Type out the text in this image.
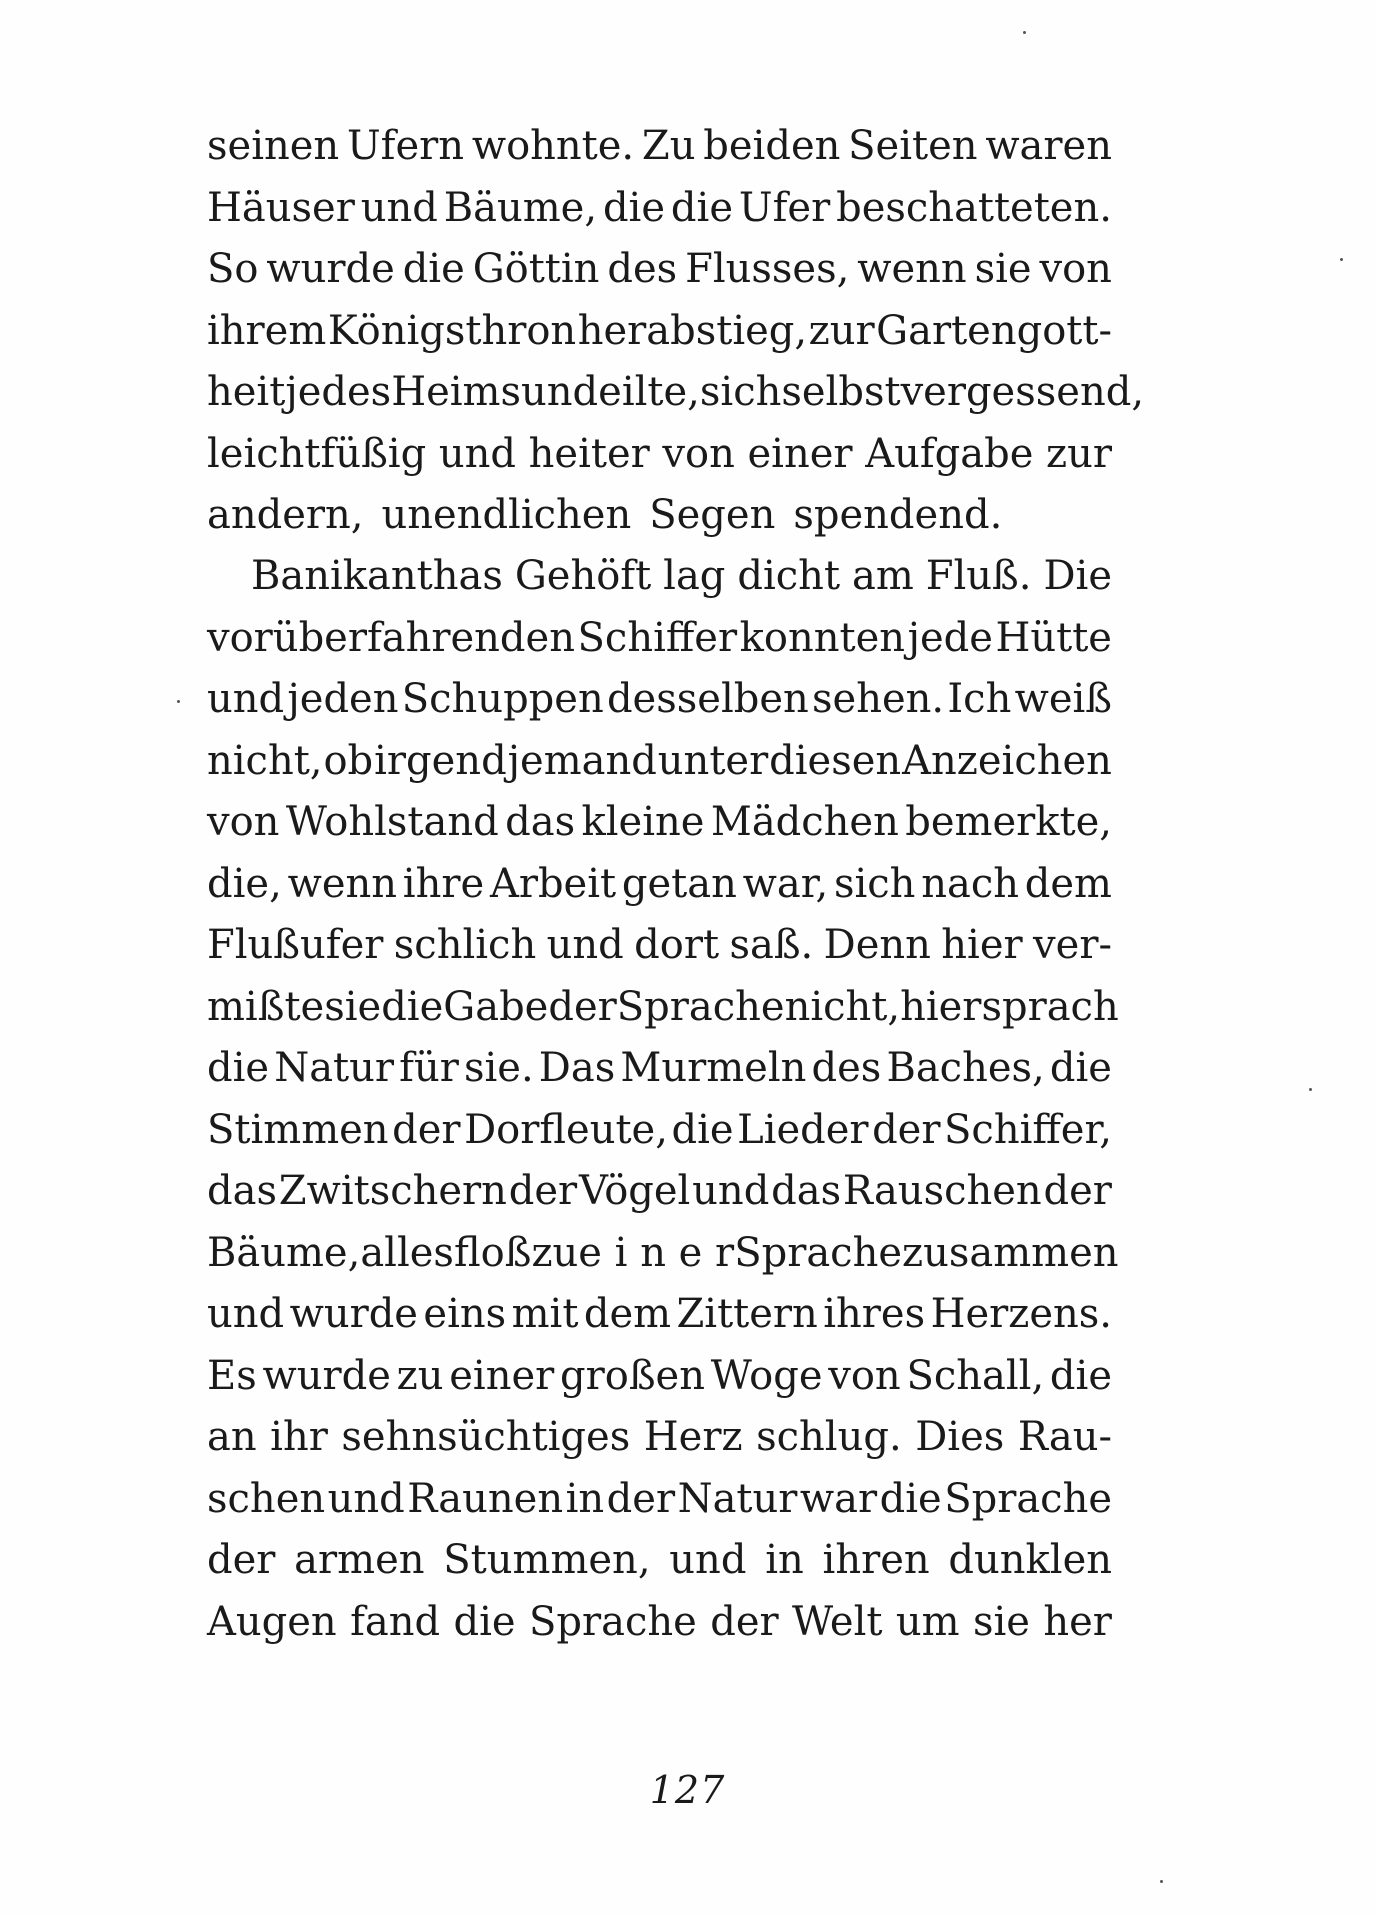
seinen Ufern wohnte. Zu beiden Seiten waren
Häuser und Bäume, die die Ufer beschatteten.
So wurde die Göttin des Flusses, wenn sie von
ihrem Königsthron herabstieg, zur Gartengott-
heit jedes Heims und eilte, sich selbst vergessend,
leichtfüßig und heiter von einer Aufgabe zur
andern, unendlichen Segen spendend.
Banikanthas Gehöft lag dicht am Fluß. Die
vorüberfahrenden Schiffer konnten jede Hütte
und jeden Schuppen desselben sehen. Ich weiß
nicht, ob irgend jemand unter diesen Anzeichen
von Wohlstand das kleine Mädchen bemerkte,
die, wenn ihre Arbeit getan war, sich nach dem
Flußufer schlich und dort saß. Denn hier ver-
mißte sie die Gabe der Sprache nicht, hier sprach
die Natur für sie. Das Murmeln des Baches, die
Stimmen der Dorfleute, die Lieder der Schiffer,
das Zwitschern der Vögel und das Rauschen der
Bäume, alles floß zu e i n e r Sprache zusammen
und wurde eins mit dem Zittern ihres Herzens.
Es wurde zu einer großen Woge von Schall, die
an ihr sehnsüchtiges Herz schlug. Dies Rau-
schen und Raunen in der Natur war die Sprache
der armen Stummen, und in ihren dunklen
Augen fand die Sprache der Welt um sie her
127
